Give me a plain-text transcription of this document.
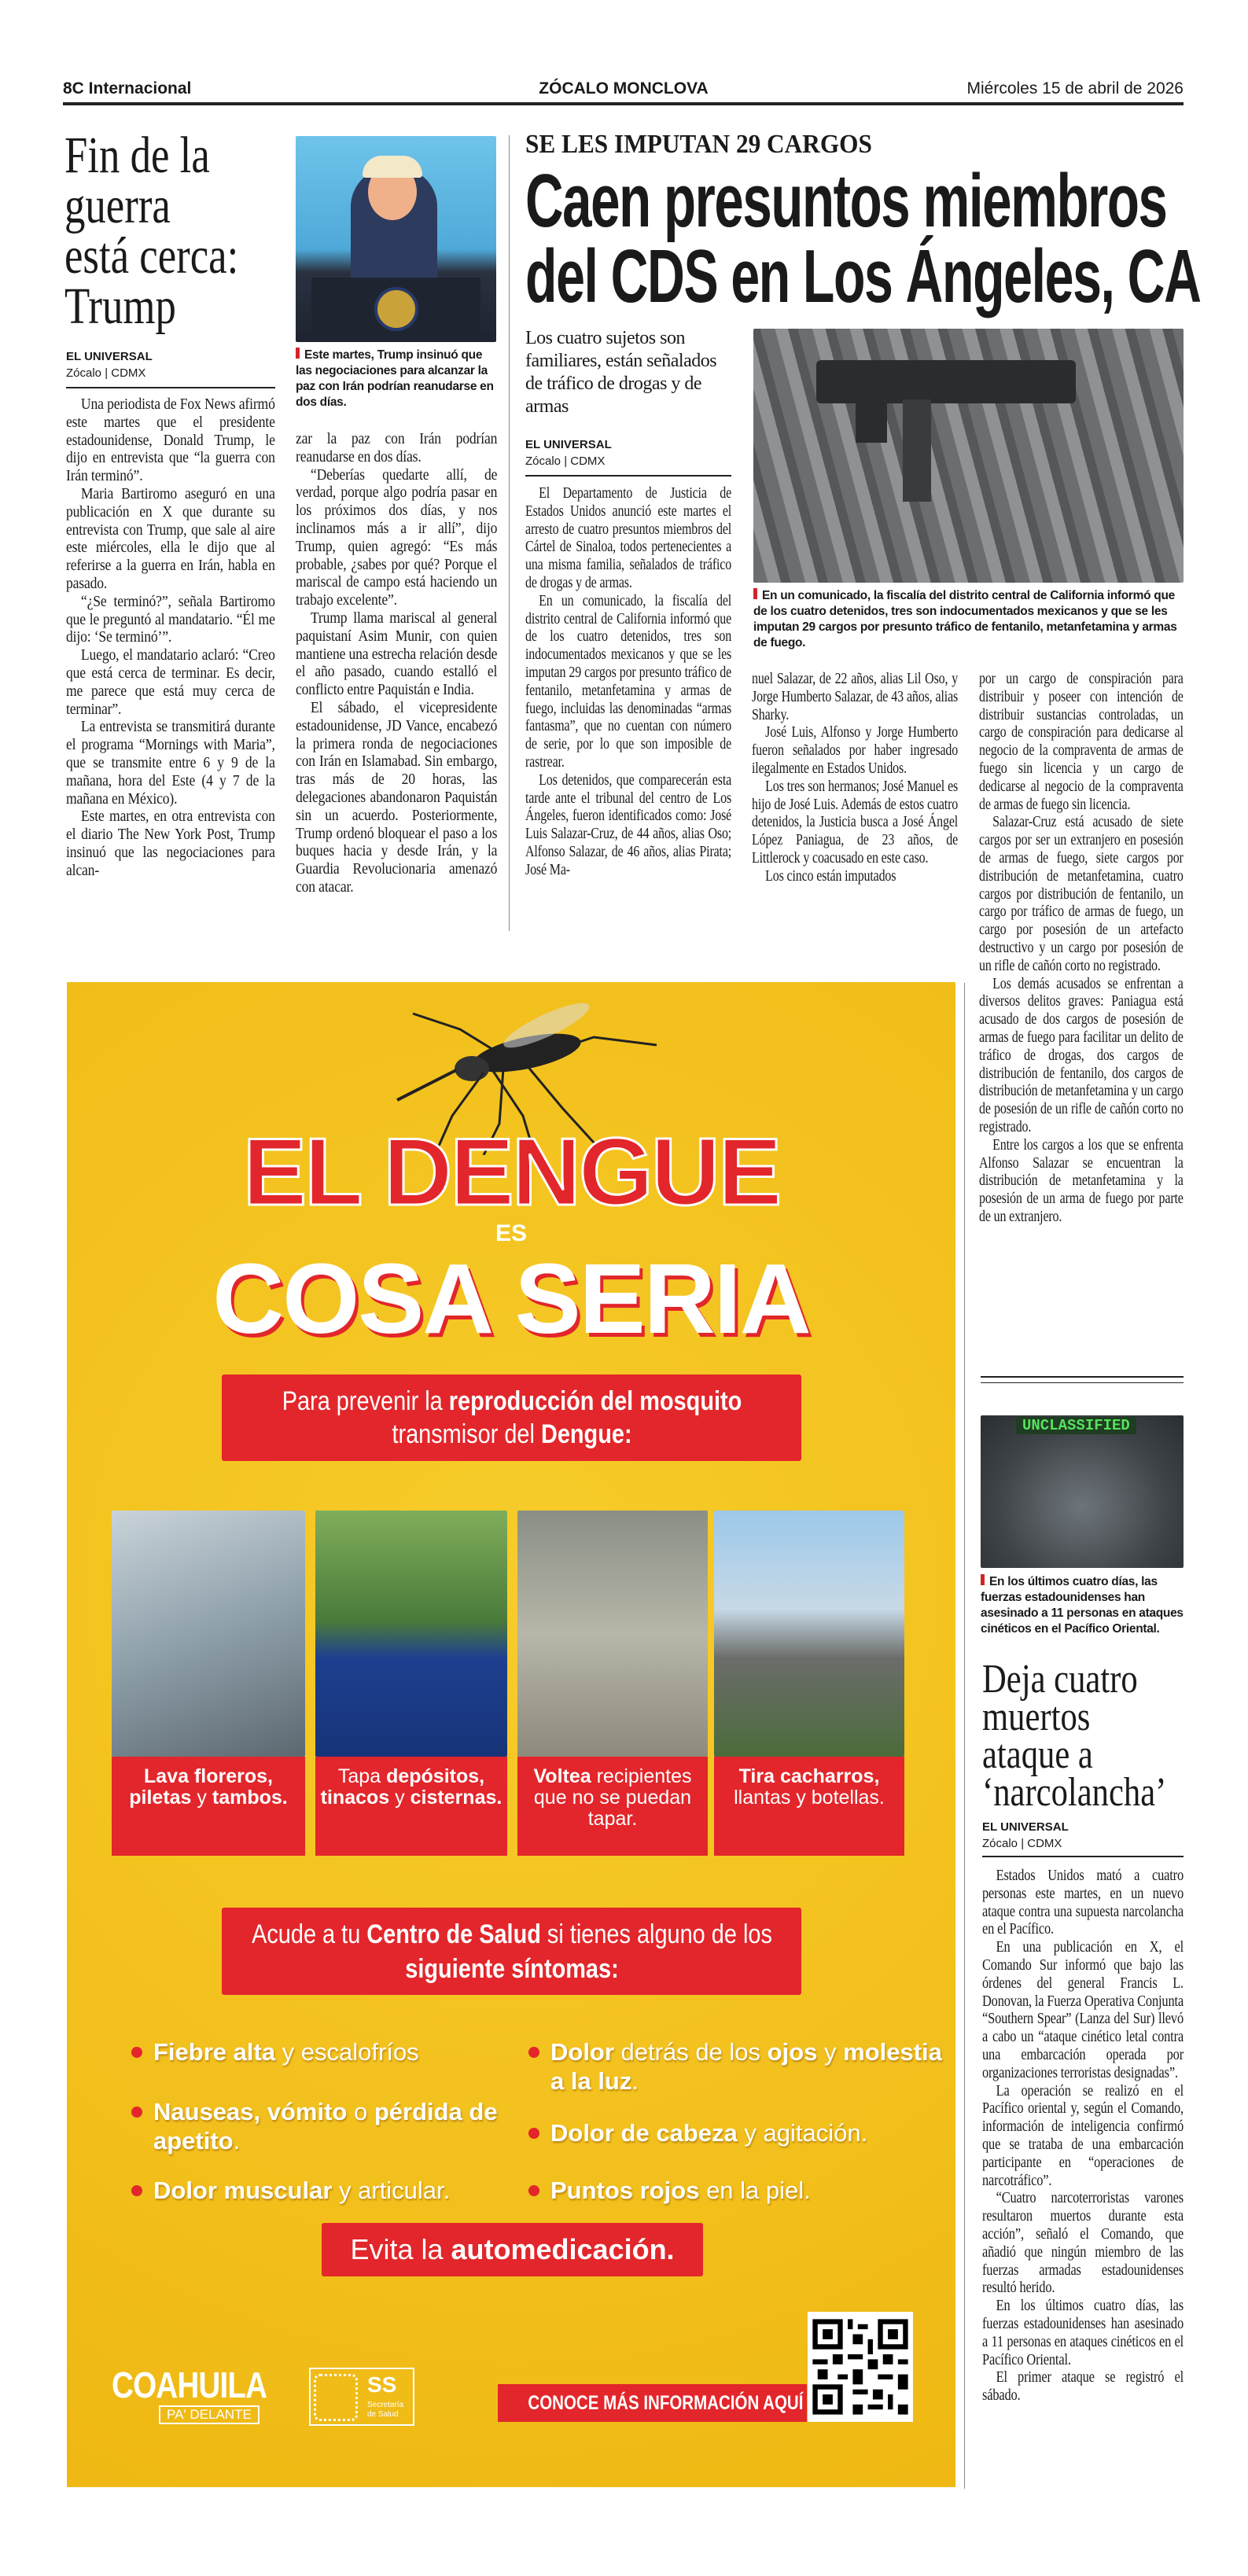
8C Internacional	ZÓCALO MONCLOVA	Miércoles 15 de abril de 2026
Fin de la
guerra
está cerca:
Trump
EL UNIVERSAL
Zócalo | CDMX
Este martes, Trump insinuó que las negociaciones para alcanzar la paz con Irán podrían reanudarse en dos días.

Una periodista de Fox News afirmó este martes que el presidente estadounidense, Donald Trump, le dijo en entrevista que “la guerra con Irán terminó”.

Maria Bartiromo aseguró en una publicación en X que durante su entrevista con Trump, que sale al aire este miércoles, ella le dijo que al referirse a la guerra en Irán, habla en pasado.

“¿Se terminó?”, señala Bartiromo que le preguntó al mandatario. “Él me dijo: ‘Se terminó’”.

Luego, el mandatario aclaró: “Creo que está cerca de terminar. Es decir, me parece que está muy cerca de terminar”.

La entrevista se transmitirá durante el programa “Mornings with Maria”, que se transmite entre 6 y 9 de la mañana, hora del Este (4 y 7 de la mañana en México).

Este martes, en otra entrevista con el diario The New York Post, Trump insinuó que las negociaciones para alcan-

zar la paz con Irán podrían reanudarse en dos días.

“Deberías quedarte allí, de verdad, porque algo podría pasar en los próximos dos días, y nos inclinamos más a ir allí”, dijo Trump, quien agregó: “Es más probable, ¿sabes por qué? Porque el mariscal de campo está haciendo un trabajo excelente”.

Trump llama mariscal al general paquistaní Asim Munir, con quien mantiene una estrecha relación desde el año pasado, cuando estalló el conflicto entre Paquistán e India.

El sábado, el vicepresidente estadounidense, JD Vance, encabezó la primera ronda de negociaciones con Irán en Islamabad. Sin embargo, tras más de 20 horas, las delegaciones abandonaron Paquistán sin un acuerdo. Posteriormente, Trump ordenó bloquear el paso a los buques hacia y desde Irán, y la Guardia Revolucionaria amenazó con atacar.

SE LES IMPUTAN 29 CARGOS
Caen presuntos miembros
del CDS en Los Ángeles, CA
Los cuatro sujetos son familiares, están señalados de tráfico de drogas y de armas
EL UNIVERSAL
Zócalo | CDMX
En un comunicado, la fiscalía del distrito central de California informó que de los cuatro detenidos, tres son indocumentados mexicanos y que se les imputan 29 cargos por presunto tráfico de fentanilo, metanfetamina y armas de fuego.

El Departamento de Justicia de Estados Unidos anunció este martes el arresto de cuatro presuntos miembros del Cártel de Sinaloa, todos pertenecientes a una misma familia, señalados de tráfico de drogas y de armas.

En un comunicado, la fiscalía del distrito central de California informó que de los cuatro detenidos, tres son indocumentados mexicanos y que se les imputan 29 cargos por presunto tráfico de fentanilo, metanfetamina y armas de fuego, incluidas las denominadas “armas fantasma”, que no cuentan con número de serie, por lo que son imposible de rastrear.

Los detenidos, que comparecerán esta tarde ante el tribunal del centro de Los Ángeles, fueron identificados como: José Luis Salazar-Cruz, de 44 años, alias Oso; Alfonso Salazar, de 46 años, alias Pirata; José Ma-

nuel Salazar, de 22 años, alias Lil Oso, y Jorge Humberto Salazar, de 43 años, alias Sharky.

José Luis, Alfonso y Jorge Humberto fueron señalados por haber ingresado ilegalmente en Estados Unidos.

Los tres son hermanos; José Manuel es hijo de José Luis. Además de estos cuatro detenidos, la Justicia busca a José Ángel López Paniagua, de 23 años, de Littlerock y coacusado en este caso.

Los cinco están imputados

por un cargo de conspiración para distribuir y poseer con intención de distribuir sustancias controladas, un cargo de conspiración para dedicarse al negocio de la compraventa de armas de fuego sin licencia y un cargo de dedicarse al negocio de la compraventa de armas de fuego sin licencia.

Salazar-Cruz está acusado de siete cargos por ser un extranjero en posesión de armas de fuego, siete cargos por distribución de metanfetamina, cuatro cargos por distribución de fentanilo, un cargo por tráfico de armas de fuego, un cargo por posesión de un artefacto destructivo y un cargo por posesión de un rifle de cañón corto no registrado.

Los demás acusados se enfrentan a diversos delitos graves: Paniagua está acusado de dos cargos de posesión de armas de fuego para facilitar un delito de tráfico de drogas, dos cargos de distribución de fentanilo, dos cargos de distribución de metanfetamina y un cargo de posesión de un rifle de cañón corto no registrado.

Entre los cargos a los que se enfrenta Alfonso Salazar se encuentran la distribución de metanfetamina y la posesión de un arma de fuego por parte de un extranjero.

EL DENGUE
ES
COSA SERIA
Para prevenir la reproducción del mosquito transmisor del Dengue:
Lava floreros, piletas y tambos.
Tapa depósitos, tinacos y cisternas.
Voltea recipientes que no se puedan tapar.
Tira cacharros, llantas y botellas.
Acude a tu Centro de Salud si tienes alguno de los siguiente síntomas:
Fiebre alta y escalofríos
Nauseas, vómito o pérdida de apetito.
Dolor muscular y articular.
Dolor detrás de los ojos y molestia a la luz.
Dolor de cabeza y agitación.
Puntos rojos en la piel.
Evita la automedicación.
COAHUILA
PA' DELANTE
SS
Secretaría de Salud
CONOCE MÁS INFORMACIÓN AQUÍ
UNCLASSIFIED
En los últimos cuatro días, las fuerzas estadounidenses han asesinado a 11 personas en ataques cinéticos en el Pacífico Oriental.
Deja cuatro
muertos
ataque a
‘narcolancha’
EL UNIVERSAL
Zócalo | CDMX

Estados Unidos mató a cuatro personas este martes, en un nuevo ataque contra una supuesta narcolancha en el Pacífico.

En una publicación en X, el Comando Sur informó que bajo las órdenes del general Francis L. Donovan, la Fuerza Operativa Conjunta “Southern Spear” (Lanza del Sur) llevó a cabo un “ataque cinético letal contra una embarcación operada por organizaciones terroristas designadas”.

La operación se realizó en el Pacífico oriental y, según el Comando, información de inteligencia confirmó que se trataba de una embarcación participante en “operaciones de narcotráfico”.

“Cuatro narcoterroristas varones resultaron muertos durante esta acción”, señaló el Comando, que añadió que ningún miembro de las fuerzas armadas estadounidenses resultó herido.

En los últimos cuatro días, las fuerzas estadounidenses han asesinado a 11 personas en ataques cinéticos en el Pacífico Oriental.

El primer ataque se registró el sábado.
